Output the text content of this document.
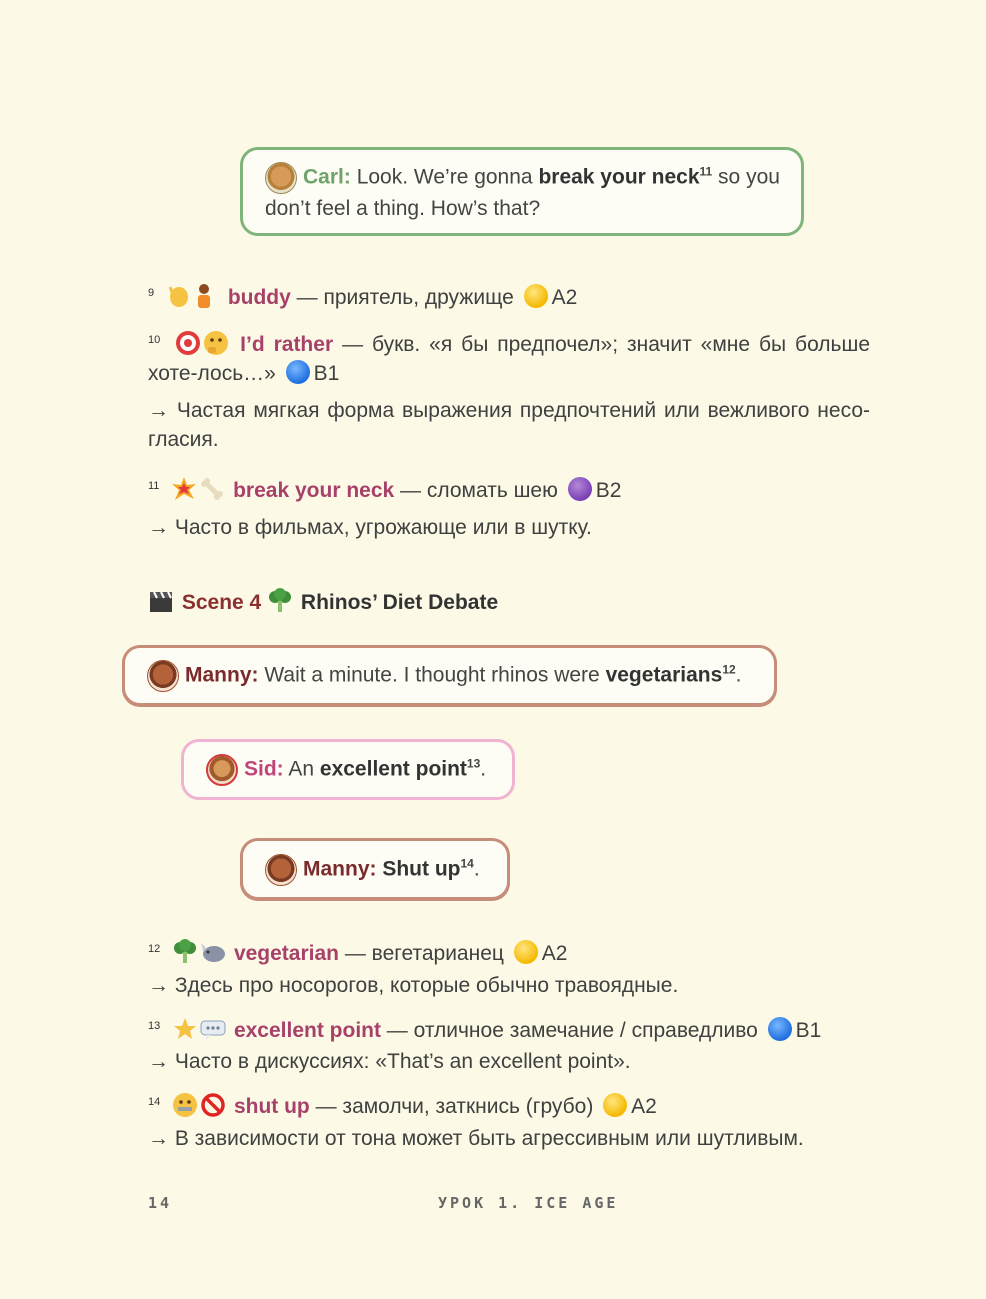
Carl: Look. We’re gonna break your neck$^{11}$ so you don’t feel a thing. How’s that?
$^9$	buddy — приятель, дружище A2
$^{10}$	I’d rather — букв. «я бы предпочел»; значит «мне бы больше хоте-лось…» B1
→ Частая мягкая форма выражения предпочтений или вежливого несо-гласия.
$^{11}$	break your neck — сломать шею B2
→ Часто в фильмах, угрожающе или в шутку.
Scene 4 Rhinos’ Diet Debate
Manny: Wait a minute. I thought rhinos were vegetarians$^{12}$.
Sid: An excellent point$^{13}$.
Manny: Shut $up^{14}$.
$^{12}$	vegetarian — вегетарианец A2
→ Здесь про носорогов, которые обычно травоядные.
$^{13}$	excellent point — отличное замечание / справедливо B1
→ Часто в дискуссиях: «That’s an excellent point».
$^{14}$	shut up — замолчи, заткнись (грубо) A2
→ В зависимости от тона может быть агрессивным или шутливым.
14	УРОК 1. ICE AGE
